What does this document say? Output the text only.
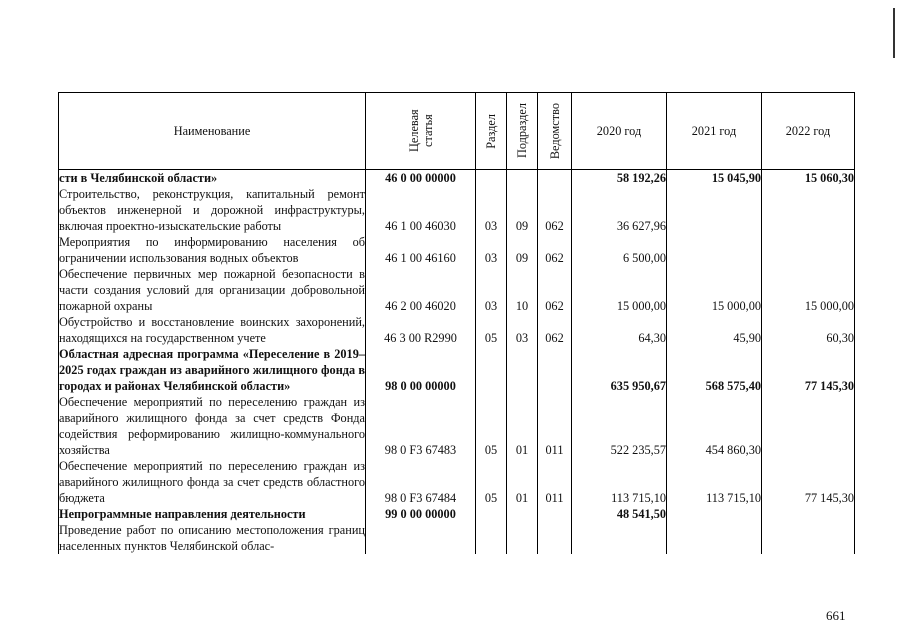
Наименование	Целевая статья	Раздел	Подраздел	Ведомство	2020 год	2021 год	2022 год
сти в Челябинской области»	46 0 00 00000				58 192,26	15 045,90	15 060,30
Строительство, реконструкция, капитальный ремонт объектов инженерной и дорожной инфраструктуры, включая проектно-изыскательские работы	46 1 00 46030	03	09	062	36 627,96		
Мероприятия по информированию населения об ограничении использования водных объектов	46 1 00 46160	03	09	062	6 500,00		
Обеспечение первичных мер пожарной безопасности в части создания условий для организации добровольной пожарной охраны	46 2 00 46020	03	10	062	15 000,00	15 000,00	15 000,00
Обустройство и восстановление воинских захоронений, находящихся на государственном учете	46 3 00 R2990	05	03	062	64,30	45,90	60,30
Областная адресная программа «Переселение в 2019–2025 годах граждан из аварийного жилищного фонда в городах и районах Челябинской области»	98 0 00 00000				635 950,67	568 575,40	77 145,30
Обеспечение мероприятий по переселению граждан из аварийного жилищного фонда за счет средств Фонда содействия реформированию жилищно-коммунального хозяйства	98 0 F3 67483	05	01	011	522 235,57	454 860,30	
Обеспечение мероприятий по переселению граждан из аварийного жилищного фонда за счет средств областного бюджета	98 0 F3 67484	05	01	011	113 715,10	113 715,10	77 145,30
Непрограммные направления деятельности	99 0 00 00000				48 541,50		
Проведение работ по описанию местоположения границ населенных пунктов Челябинской облас-							
661
